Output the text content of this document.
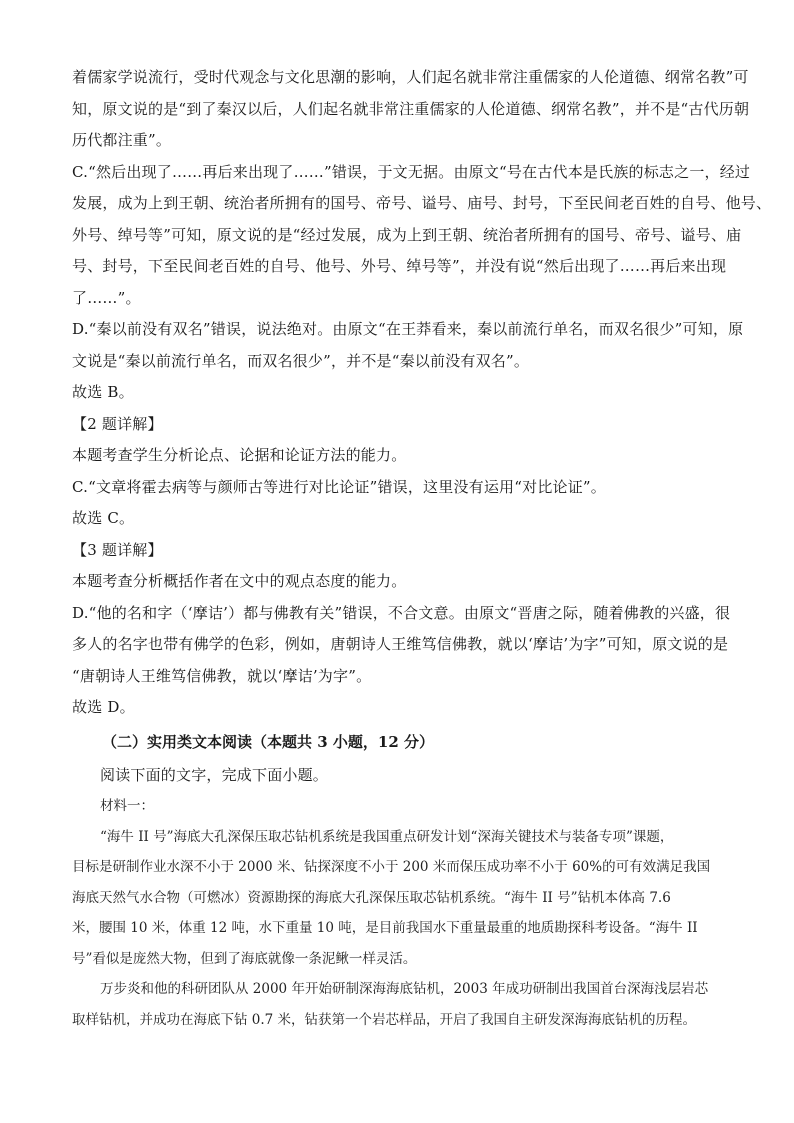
着儒家学说流行，受时代观念与文化思潮的影响，人们起名就非常注重儒家的人伦道德、纲常名教”可
知，原文说的是“到了秦汉以后，人们起名就非常注重儒家的人伦道德、纲常名教”，并不是“古代历朝
历代都注重”。
C.“然后出现了……再后来出现了……”错误，于文无据。由原文“号在古代本是氏族的标志之一，经过
发展，成为上到王朝、统治者所拥有的国号、帝号、谥号、庙号、封号，下至民间老百姓的自号、他号、
外号、绰号等”可知，原文说的是“经过发展，成为上到王朝、统治者所拥有的国号、帝号、谥号、庙
号、封号，下至民间老百姓的自号、他号、外号、绰号等”，并没有说“然后出现了……再后来出现
了……”。
D.“秦以前没有双名”错误，说法绝对。由原文“在王莽看来，秦以前流行单名，而双名很少”可知，原
文说是“秦以前流行单名，而双名很少”，并不是“秦以前没有双名”。
故选 B。
【2 题详解】
本题考查学生分析论点、论据和论证方法的能力。
C.“文章将霍去病等与颜师古等进行对比论证”错误，这里没有运用“对比论证”。
故选 C。
【3 题详解】
本题考查分析概括作者在文中的观点态度的能力。
D.“他的名和字（‘摩诘’）都与佛教有关”错误，不合文意。由原文“晋唐之际，随着佛教的兴盛，很
多人的名字也带有佛学的色彩，例如，唐朝诗人王维笃信佛教，就以‘摩诘’为字”可知，原文说的是
“唐朝诗人王维笃信佛教，就以‘摩诘’为字”。
故选 D。
（二）实用类文本阅读（本题共 3 小题，12 分）
阅读下面的文字，完成下面小题。
材料一：
“海牛 II 号”海底大孔深保压取芯钻机系统是我国重点研发计划“深海关键技术与装备专项”课题，
目标是研制作业水深不小于 2000 米、钻探深度不小于 200 米而保压成功率不小于 60%的可有效满足我国
海底天然气水合物（可燃冰）资源勘探的海底大孔深保压取芯钻机系统。“海牛 II 号”钻机本体高 7.6
米，腰围 10 米，体重 12 吨，水下重量 10 吨，是目前我国水下重量最重的地质勘探科考设备。“海牛 II
号”看似是庞然大物，但到了海底就像一条泥鳅一样灵活。
万步炎和他的科研团队从 2000 年开始研制深海海底钻机，2003 年成功研制出我国首台深海浅层岩芯
取样钻机，并成功在海底下钻 0.7 米，钻获第一个岩芯样品，开启了我国自主研发深海海底钻机的历程。
